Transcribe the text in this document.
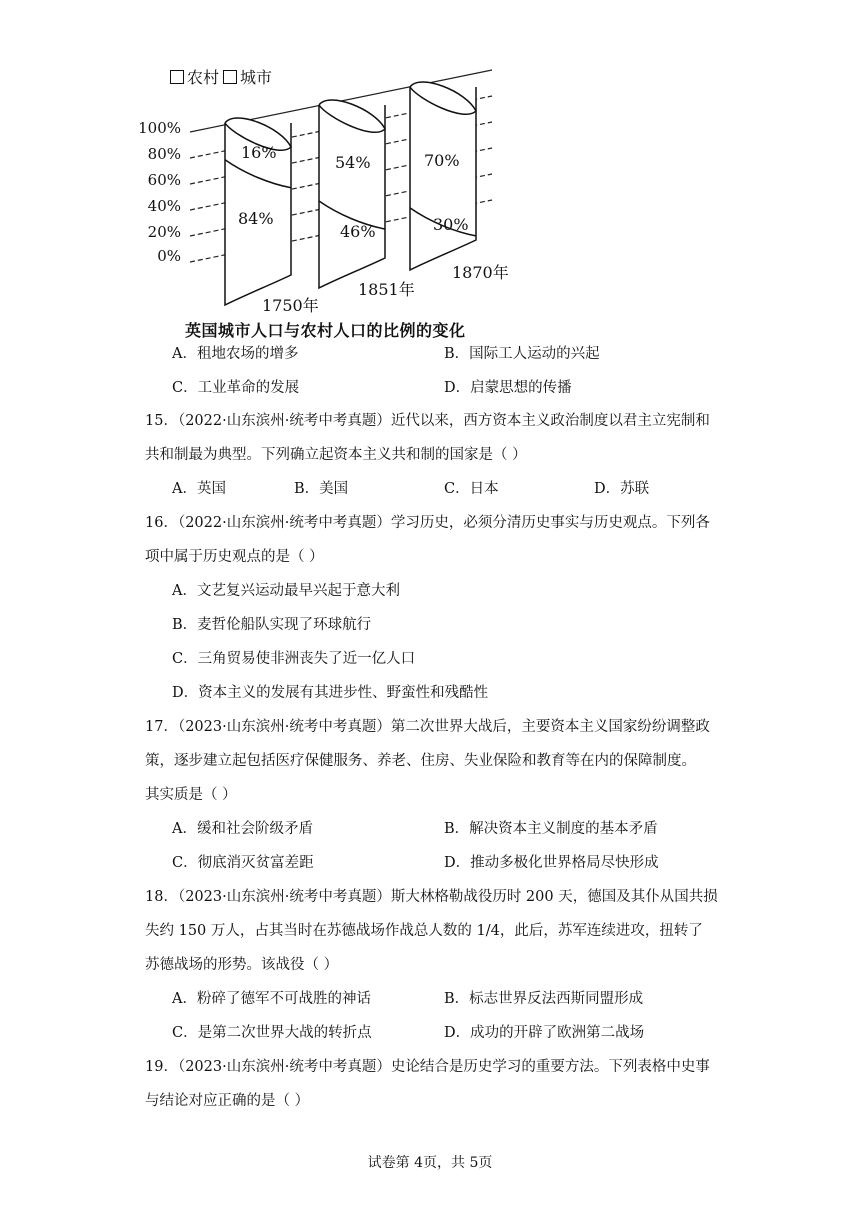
农村 城市
100%
80%
60%
40%
20%
0%
16%
84%
54%
46%
70%
30%
1750年
1851年
1870年
英国城市人口与农村人口的比例的变化
A．租地农场的增多	B．国际工人运动的兴起
C．工业革命的发展	D．启蒙思想的传播
15．（2022·山东滨州·统考中考真题）近代以来，西方资本主义政治制度以君主立宪制和
共和制最为典型。下列确立起资本主义共和制的国家是（ ）
A．英国	B．美国	C．日本	D．苏联
16．（2022·山东滨州·统考中考真题）学习历史，必须分清历史事实与历史观点。下列各
项中属于历史观点的是（ ）
A．文艺复兴运动最早兴起于意大利
B．麦哲伦船队实现了环球航行
C．三角贸易使非洲丧失了近一亿人口
D．资本主义的发展有其进步性、野蛮性和残酷性
17．（2023·山东滨州·统考中考真题）第二次世界大战后，主要资本主义国家纷纷调整政
策，逐步建立起包括医疗保健服务、养老、住房、失业保险和教育等在内的保障制度。
其实质是（ ）
A．缓和社会阶级矛盾	B．解决资本主义制度的基本矛盾
C．彻底消灭贫富差距	D．推动多极化世界格局尽快形成
18．（2023·山东滨州·统考中考真题）斯大林格勒战役历时 200 天，德国及其仆从国共损
失约 150 万人，占其当时在苏德战场作战总人数的 1/4，此后，苏军连续进攻，扭转了
苏德战场的形势。该战役（ ）
A．粉碎了德军不可战胜的神话	B．标志世界反法西斯同盟形成
C．是第二次世界大战的转折点	D．成功的开辟了欧洲第二战场
19．（2023·山东滨州·统考中考真题）史论结合是历史学习的重要方法。下列表格中史事
与结论对应正确的是（ ）
试卷第 4页，共 5页
